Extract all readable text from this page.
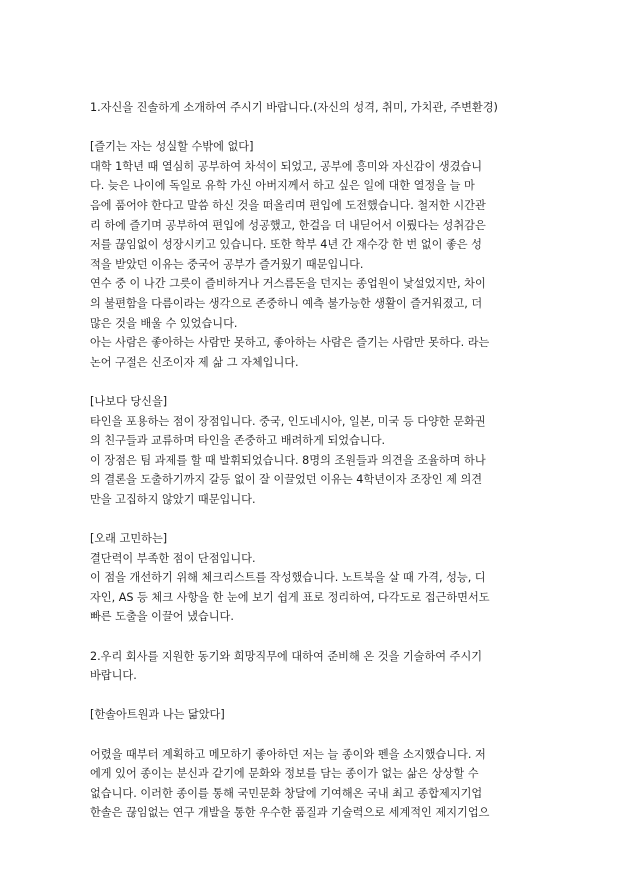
1.자신을 진솔하게 소개하여 주시기 바랍니다.(자신의 성격, 취미, 가치관, 주변환경)
[즐기는 자는 성실할 수밖에 없다]
대학 1학년 때 열심히 공부하여 차석이 되었고, 공부에 흥미와 자신감이 생겼습니
다. 늦은 나이에 독일로 유학 가신 아버지께서 하고 싶은 일에 대한 열정을 늘 마
음에 품어야 한다고 말씀 하신 것을 떠올리며 편입에 도전했습니다. 철저한 시간관
리 하에 즐기며 공부하여 편입에 성공했고, 한걸음 더 내딛어서 이뤘다는 성취감은
저를 끊임없이 성장시키고 있습니다. 또한 학부 4년 간 재수강 한 번 없이 좋은 성
적을 받았던 이유는 중국어 공부가 즐거웠기 때문입니다.
연수 중 이 나간 그릇이 즐비하거나 거스름돈을 던지는 종업원이 낯설었지만, 차이
의 불편함을 다름이라는 생각으로 존중하니 예측 불가능한 생활이 즐거워졌고, 더
많은 것을 배울 수 있었습니다.
아는 사람은 좋아하는 사람만 못하고, 좋아하는 사람은 즐기는 사람만 못하다. 라는
논어 구절은 신조이자 제 삶 그 자체입니다.
[나보다 당신을]
타인을 포용하는 점이 장점입니다. 중국, 인도네시아, 일본, 미국 등 다양한 문화권
의 친구들과 교류하며 타인을 존중하고 배려하게 되었습니다.
이 장점은 팀 과제를 할 때 발휘되었습니다. 8명의 조원들과 의견을 조율하며 하나
의 결론을 도출하기까지 갈등 없이 잘 이끌었던 이유는 4학년이자 조장인 제 의견
만을 고집하지 않았기 때문입니다.
[오래 고민하는]
결단력이 부족한 점이 단점입니다.
이 점을 개선하기 위해 체크리스트를 작성했습니다. 노트북을 살 때 가격, 성능, 디
자인, AS 등 체크 사항을 한 눈에 보기 쉽게 표로 정리하여, 다각도로 접근하면서도
빠른 도출을 이끌어 냈습니다.
2.우리 회사를 지원한 동기와 희망직무에 대하여 준비해 온 것을 기술하여 주시기
바랍니다.
[한솔아트원과 나는 닮았다]
어렸을 때부터 계획하고 메모하기 좋아하던 저는 늘 종이와 펜을 소지했습니다. 저
에게 있어 종이는 분신과 같기에 문화와 정보를 담는 종이가 없는 삶은 상상할 수
없습니다. 이러한 종이를 통해 국민문화 창달에 기여해온 국내 최고 종합제지기업
한솔은 끊임없는 연구 개발을 통한 우수한 품질과 기술력으로 세계적인 제지기업으
